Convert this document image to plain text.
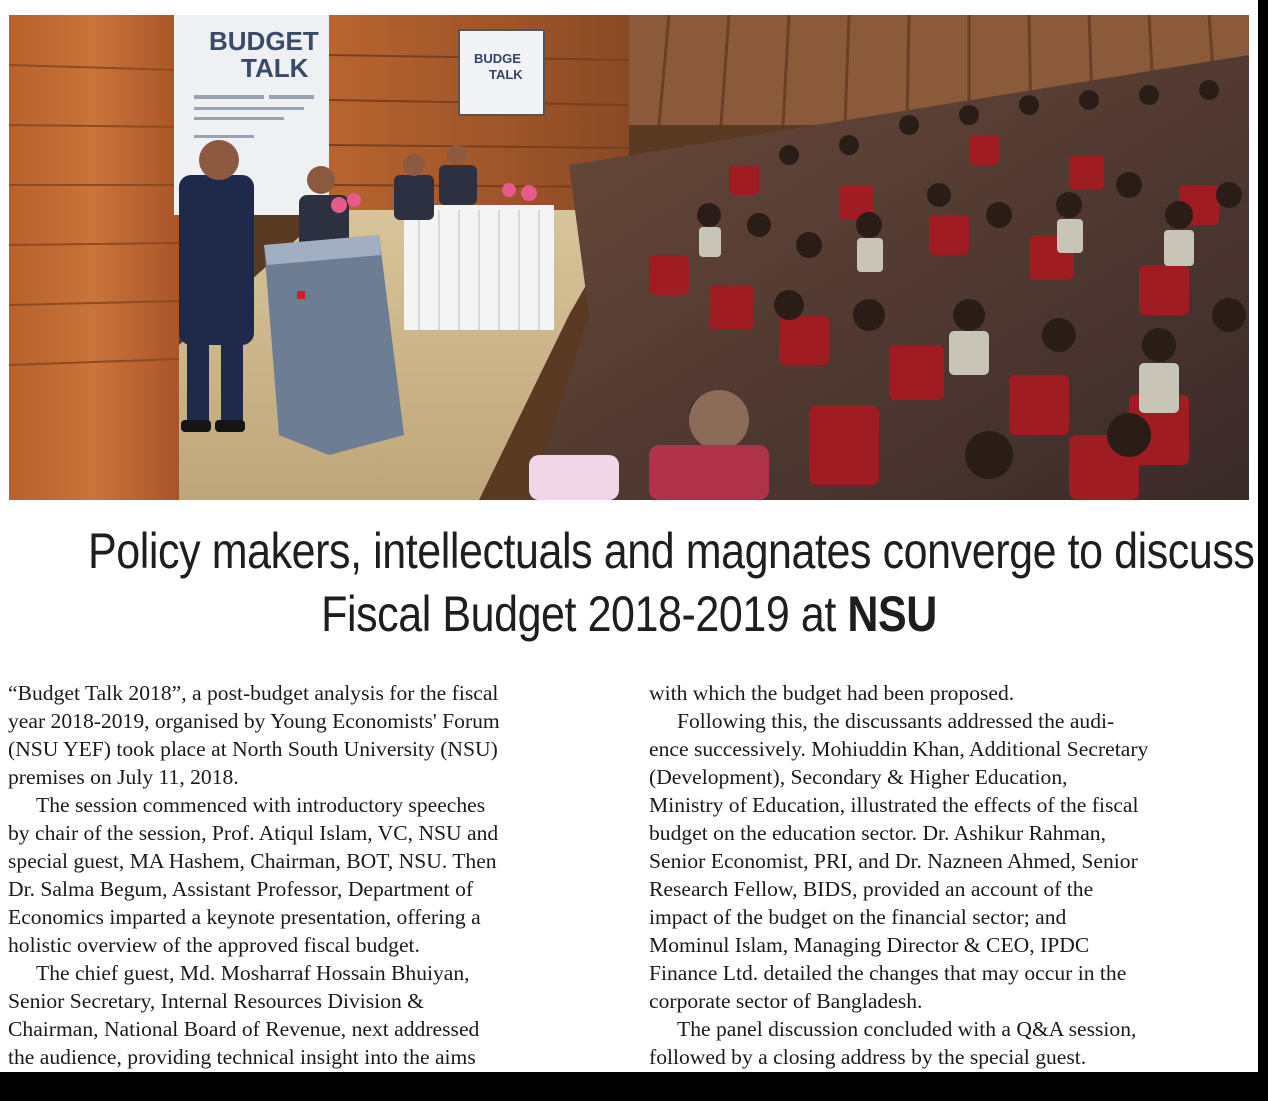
BUDGET
TALK	BUDGE
TALK
Policy makers, intellectuals and magnates converge to discuss
Fiscal Budget 2018-2019 at NSU

“Budget Talk 2018”, a post-budget analysis for the fiscal

year 2018-2019, organised by Young Economists' Forum

(NSU YEF) took place at North South University (NSU)

premises on July 11, 2018.

The session commenced with introductory speeches

by chair of the session, Prof. Atiqul Islam, VC, NSU and

special guest, MA Hashem, Chairman, BOT, NSU. Then

Dr. Salma Begum, Assistant Professor, Department of

Economics imparted a keynote presentation, offering a

holistic overview of the approved fiscal budget.

The chief guest, Md. Mosharraf Hossain Bhuiyan,

Senior Secretary, Internal Resources Division &

Chairman, National Board of Revenue, next addressed

the audience, providing technical insight into the aims

with which the budget had been proposed.

Following this, the discussants addressed the audi-

ence successively. Mohiuddin Khan, Additional Secretary

(Development), Secondary & Higher Education,

Ministry of Education, illustrated the effects of the fiscal

budget on the education sector. Dr. Ashikur Rahman,

Senior Economist, PRI, and Dr. Nazneen Ahmed, Senior

Research Fellow, BIDS, provided an account of the

impact of the budget on the financial sector; and

Mominul Islam, Managing Director & CEO, IPDC

Finance Ltd. detailed the changes that may occur in the

corporate sector of Bangladesh.

The panel discussion concluded with a Q&A session,

followed by a closing address by the special guest.
